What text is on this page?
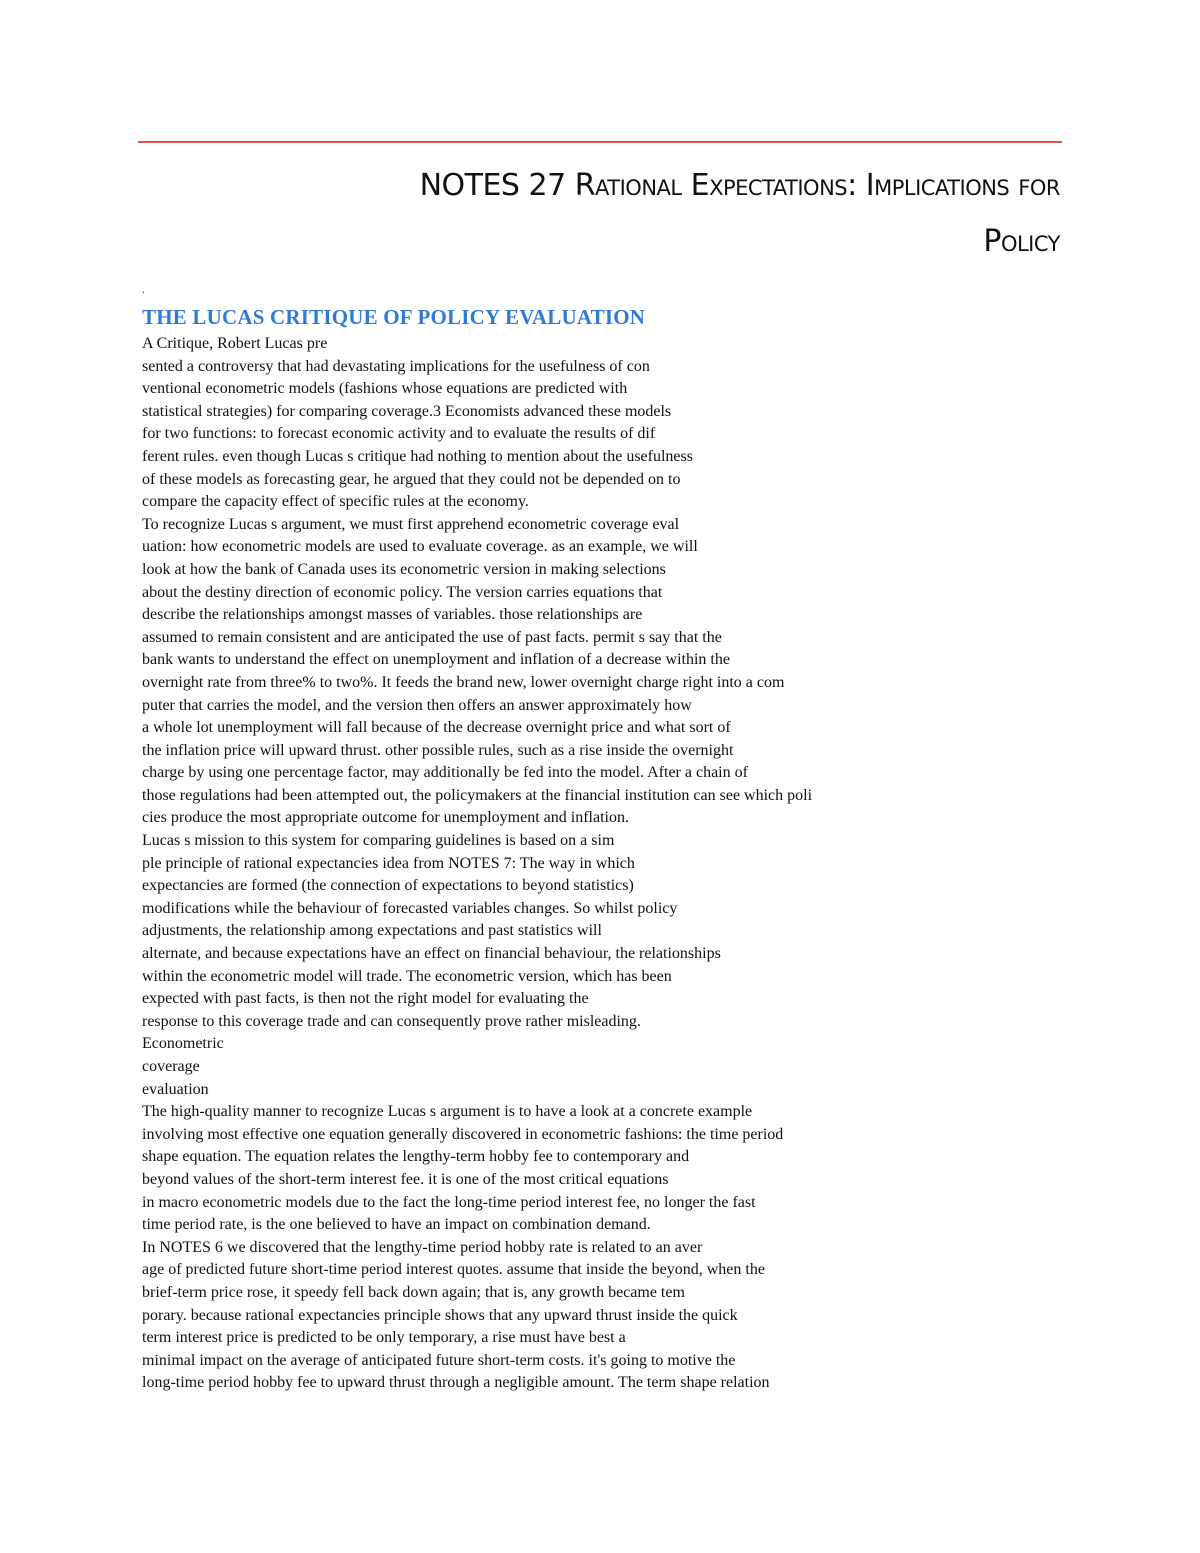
NOTES 27 Rational Expectations: Implications for
Policy
.
THE LUCAS CRITIQUE OF POLICY EVALUATION
A Critique, Robert Lucas pre
sented a controversy that had devastating implications for the usefulness of con
ventional econometric models (fashions whose equations are predicted with
statistical strategies) for comparing coverage.3 Economists advanced these models
for two functions: to forecast economic activity and to evaluate the results of dif
ferent rules. even though Lucas s critique had nothing to mention about the usefulness
of these models as forecasting gear, he argued that they could not be depended on to
compare the capacity effect of specific rules at the economy.
To recognize Lucas s argument, we must first apprehend econometric coverage eval
uation: how econometric models are used to evaluate coverage. as an example, we will
look at how the bank of Canada uses its econometric version in making selections
about the destiny direction of economic policy. The version carries equations that
describe the relationships amongst masses of variables. those relationships are
assumed to remain consistent and are anticipated the use of past facts. permit s say that the
bank wants to understand the effect on unemployment and inflation of a decrease within the
overnight rate from three% to two%. It feeds the brand new, lower overnight charge right into a com
puter that carries the model, and the version then offers an answer approximately how
a whole lot unemployment will fall because of the decrease overnight price and what sort of
the inflation price will upward thrust. other possible rules, such as a rise inside the overnight
charge by using one percentage factor, may additionally be fed into the model. After a chain of
those regulations had been attempted out, the policymakers at the financial institution can see which poli
cies produce the most appropriate outcome for unemployment and inflation.
Lucas s mission to this system for comparing guidelines is based on a sim
ple principle of rational expectancies idea from NOTES 7: The way in which
expectancies are formed (the connection of expectations to beyond statistics)
modifications while the behaviour of forecasted variables changes. So whilst policy
adjustments, the relationship among expectations and past statistics will
alternate, and because expectations have an effect on financial behaviour, the relationships
within the econometric model will trade. The econometric version, which has been
expected with past facts, is then not the right model for evaluating the
response to this coverage trade and can consequently prove rather misleading.
Econometric
coverage
evaluation
The high-quality manner to recognize Lucas s argument is to have a look at a concrete example
involving most effective one equation generally discovered in econometric fashions: the time period
shape equation. The equation relates the lengthy-term hobby fee to contemporary and
beyond values of the short-term interest fee. it is one of the most critical equations
in macro econometric models due to the fact the long-time period interest fee, no longer the fast
time period rate, is the one believed to have an impact on combination demand.
In NOTES 6 we discovered that the lengthy-time period hobby rate is related to an aver
age of predicted future short-time period interest quotes. assume that inside the beyond, when the
brief-term price rose, it speedy fell back down again; that is, any growth became tem
porary. because rational expectancies principle shows that any upward thrust inside the quick
term interest price is predicted to be only temporary, a rise must have best a
minimal impact on the average of anticipated future short-term costs. it's going to motive the
long-time period hobby fee to upward thrust through a negligible amount. The term shape relation
